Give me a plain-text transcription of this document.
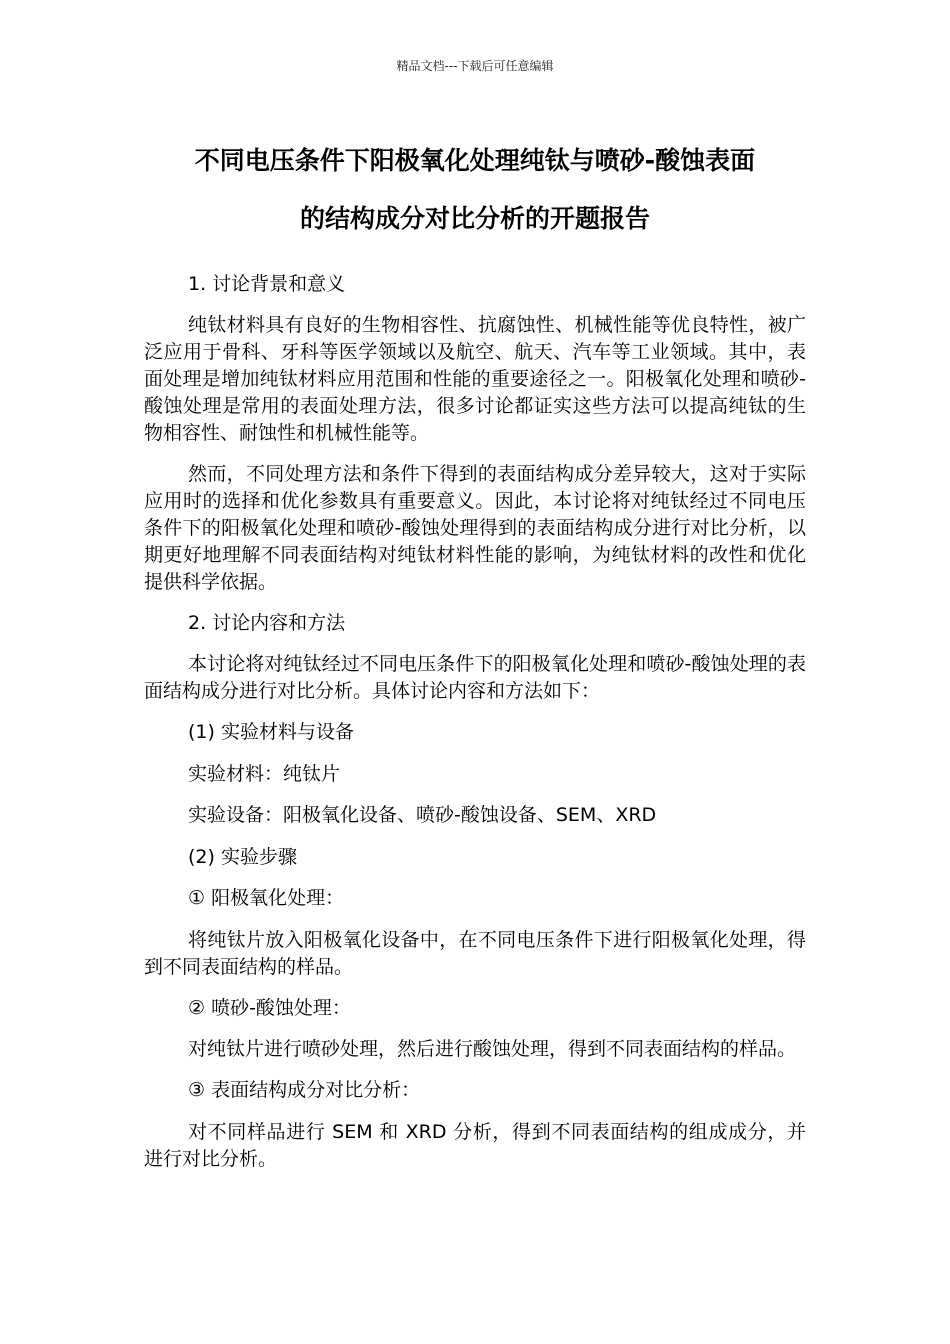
精品文档---下载后可任意编辑
不同电压条件下阳极氧化处理纯钛与喷砂-酸蚀表面
的结构成分对比分析的开题报告

1. 讨论背景和意义

纯钛材料具有良好的生物相容性、抗腐蚀性、机械性能等优良特性，被广泛应用于骨科、牙科等医学领域以及航空、航天、汽车等工业领域。其中，表面处理是增加纯钛材料应用范围和性能的重要途径之一。阳极氧化处理和喷砂-酸蚀处理是常用的表面处理方法，很多讨论都证实这些方法可以提高纯钛的生物相容性、耐蚀性和机械性能等。

然而，不同处理方法和条件下得到的表面结构成分差异较大，这对于实际应用时的选择和优化参数具有重要意义。因此，本讨论将对纯钛经过不同电压条件下的阳极氧化处理和喷砂-酸蚀处理得到的表面结构成分进行对比分析，以期更好地理解不同表面结构对纯钛材料性能的影响，为纯钛材料的改性和优化提供科学依据。

2. 讨论内容和方法

本讨论将对纯钛经过不同电压条件下的阳极氧化处理和喷砂-酸蚀处理的表面结构成分进行对比分析。具体讨论内容和方法如下：

(1) 实验材料与设备

实验材料：纯钛片

实验设备：阳极氧化设备、喷砂-酸蚀设备、SEM、XRD

(2) 实验步骤

① 阳极氧化处理：

将纯钛片放入阳极氧化设备中，在不同电压条件下进行阳极氧化处理，得到不同表面结构的样品。

② 喷砂-酸蚀处理：

对纯钛片进行喷砂处理，然后进行酸蚀处理，得到不同表面结构的样品。

③ 表面结构成分对比分析：

对不同样品进行 SEM 和 XRD 分析，得到不同表面结构的组成成分，并进行对比分析。
